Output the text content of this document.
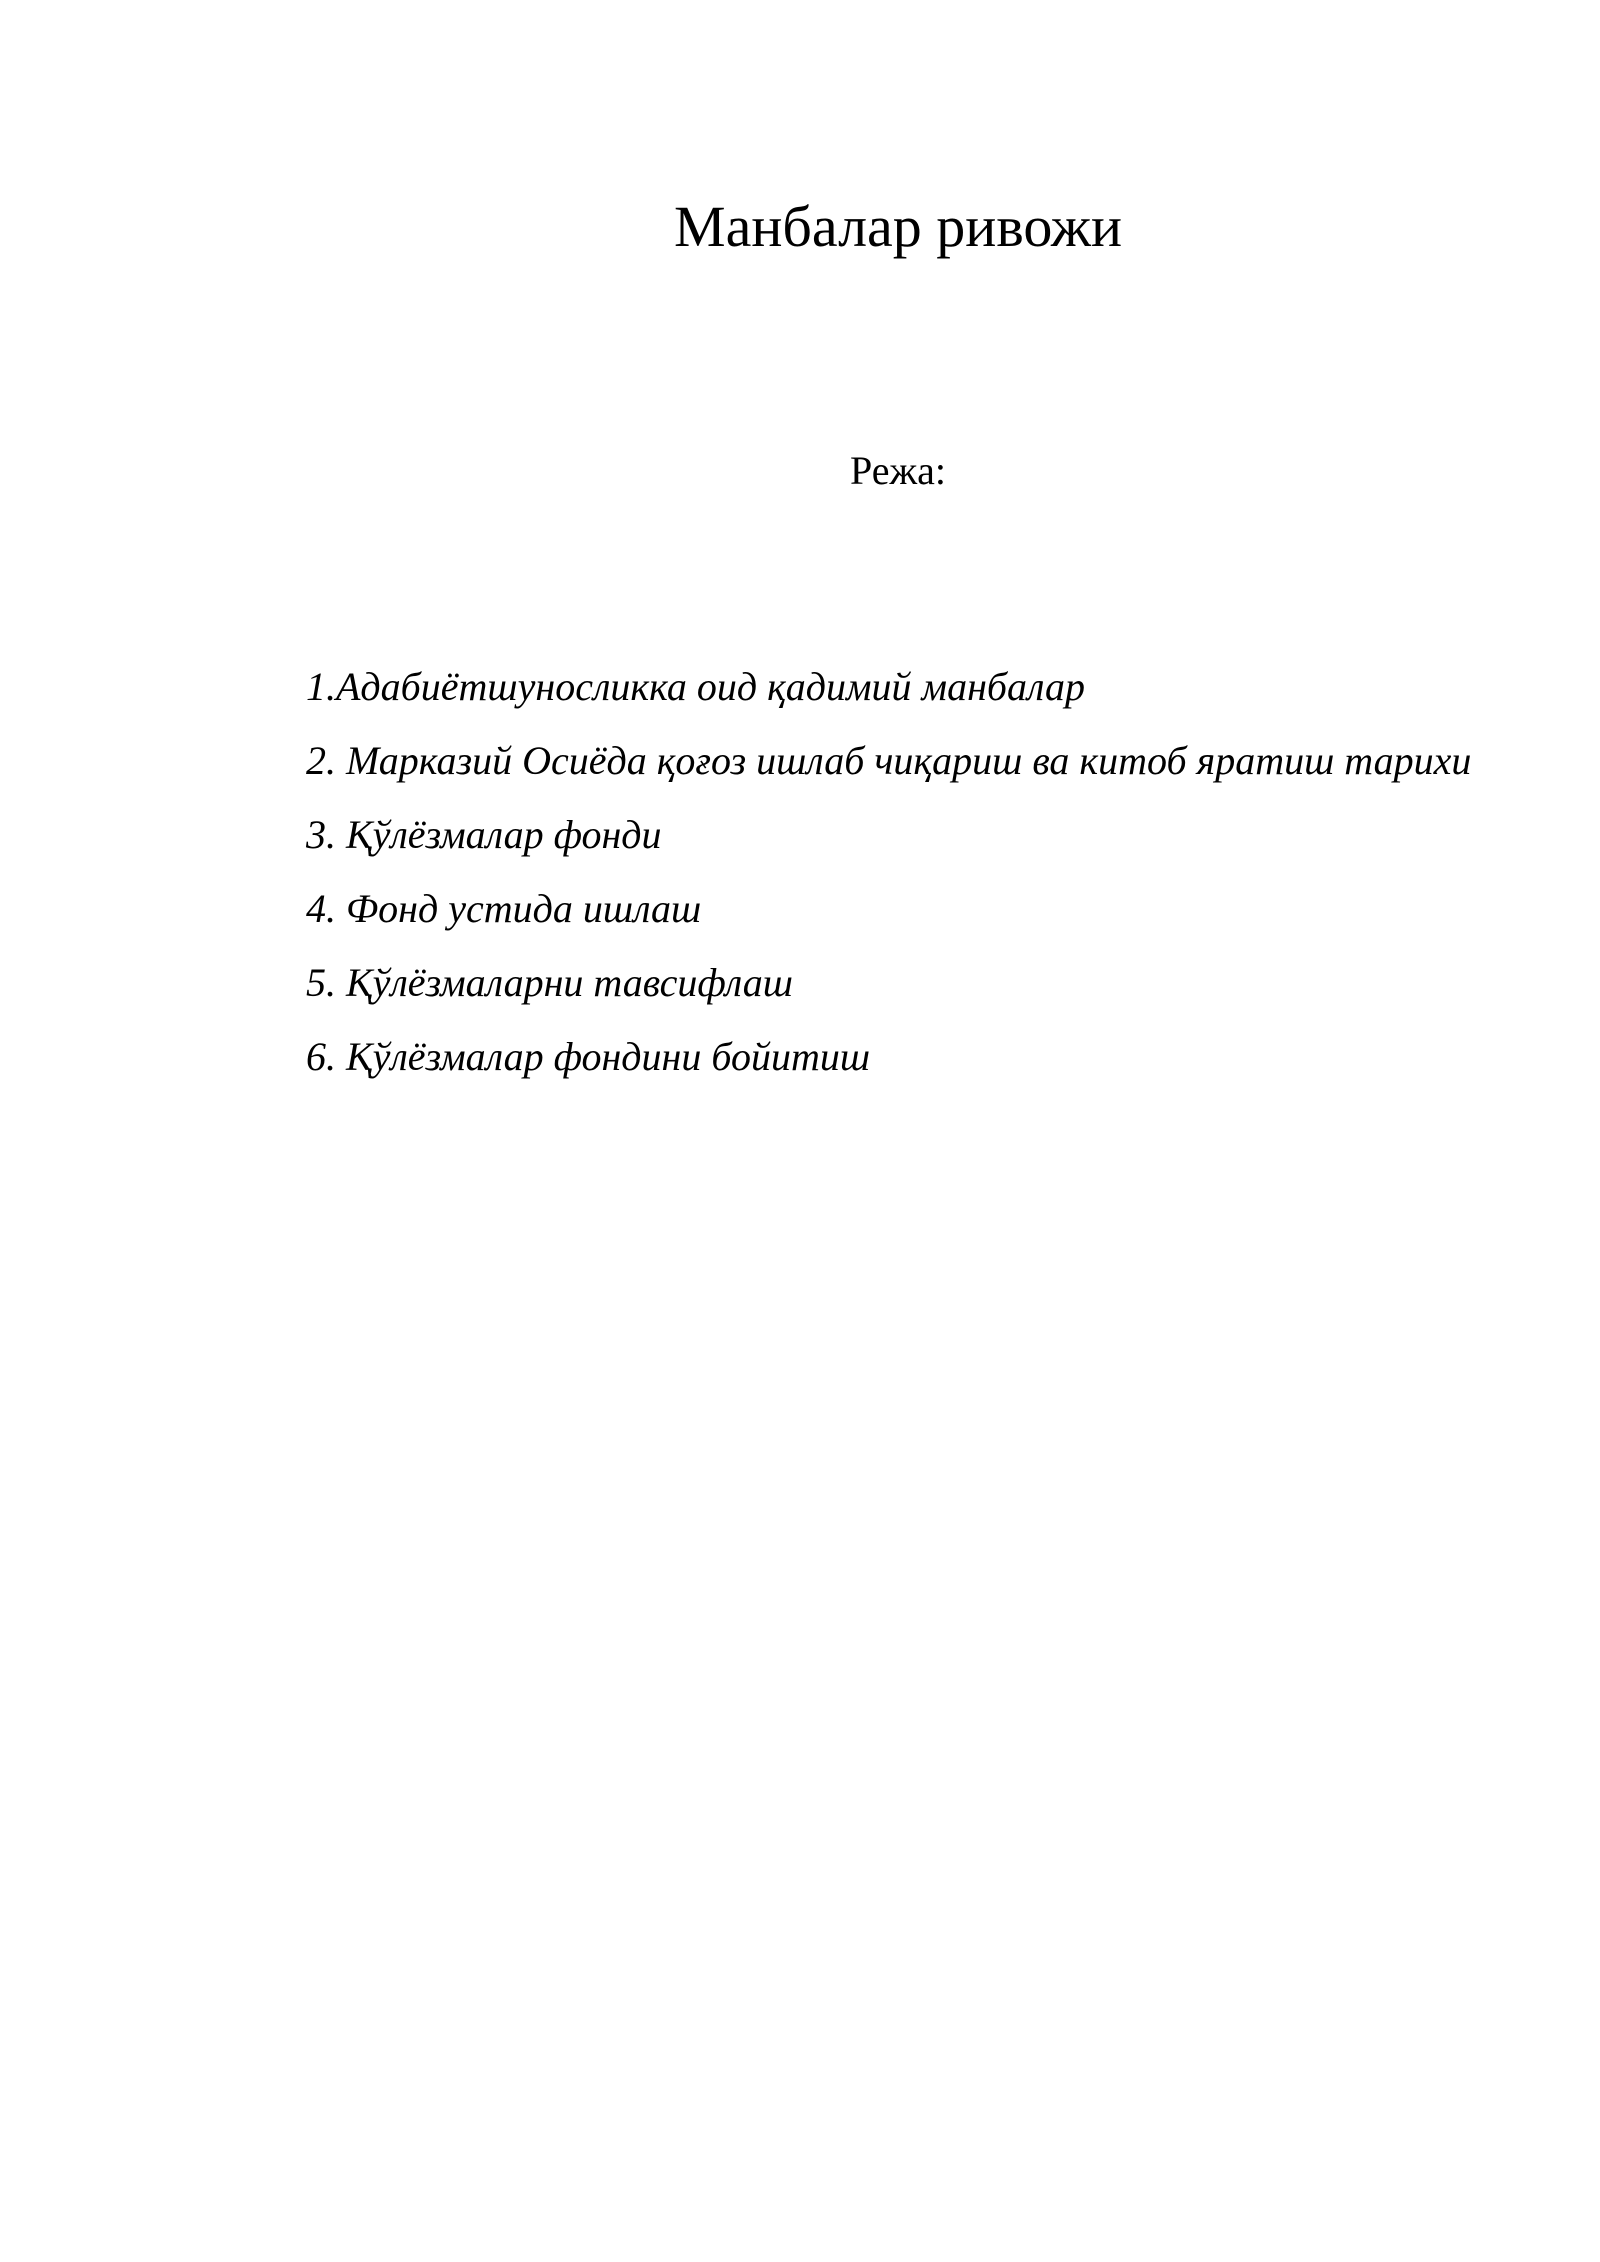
Манбалар ривожи
Режа:
1.Адабиётшуносликка оид қадимий манбалар
2. Марказий Осиёда қоғоз ишлаб чиқариш ва китоб яратиш тарихи
3. Қўлёзмалар фонди
4. Фонд устида ишлаш
5. Қўлёзмаларни тавсифлаш
6. Қўлёзмалар фондини бойитиш
